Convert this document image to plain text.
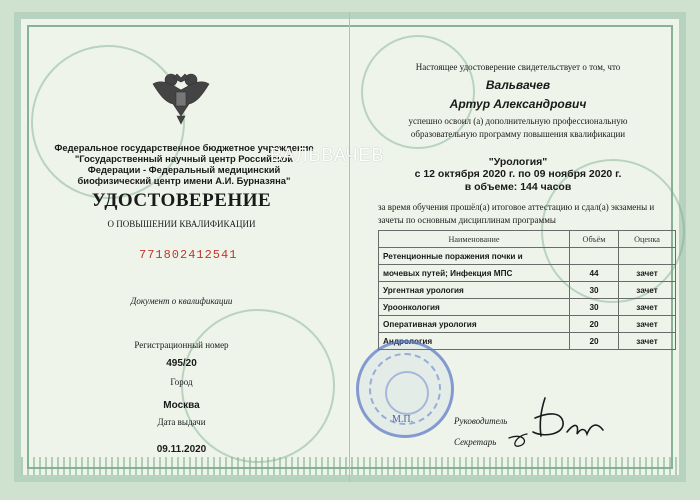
Федеральное государственное бюджетное учреждение "Государственный научный центр Российской Федерации - Федеральный медицинский биофизический центр имени А.И. Бурназяна"
УДОСТОВЕРЕНИЕ
О ПОВЫШЕНИИ КВАЛИФИКАЦИИ
771802412541
Документ о квалификации
Регистрационный номер
495/20
Город
Москва
Дата выдачи
09.11.2020
Настоящее удостоверение свидетельствует о том, что
Вальвачев
Артур Александрович
успешно освоил (а) дополнительную профессиональную
образовательную программу повышения квалификации
"Урология"
с 12 октября 2020 г. по 09 ноября 2020 г.
в объеме: 144 часов
за время обучения прошёл(а) итоговое аттестацию и сдал(а) экзамены и
зачеты по основным дисциплинам программы
Наименование	Объём	Оценка
Ретенционные поражения почки и		
мочевых путей; Инфекция МПС	44	зачет
Ургентная урология	30	зачет
Уроонкология	30	зачет
Оперативная урология	20	зачет
Андрология	20	зачет
Руководитель
Секретарь
М.П.
ВАЛЬВАЧЕВ
